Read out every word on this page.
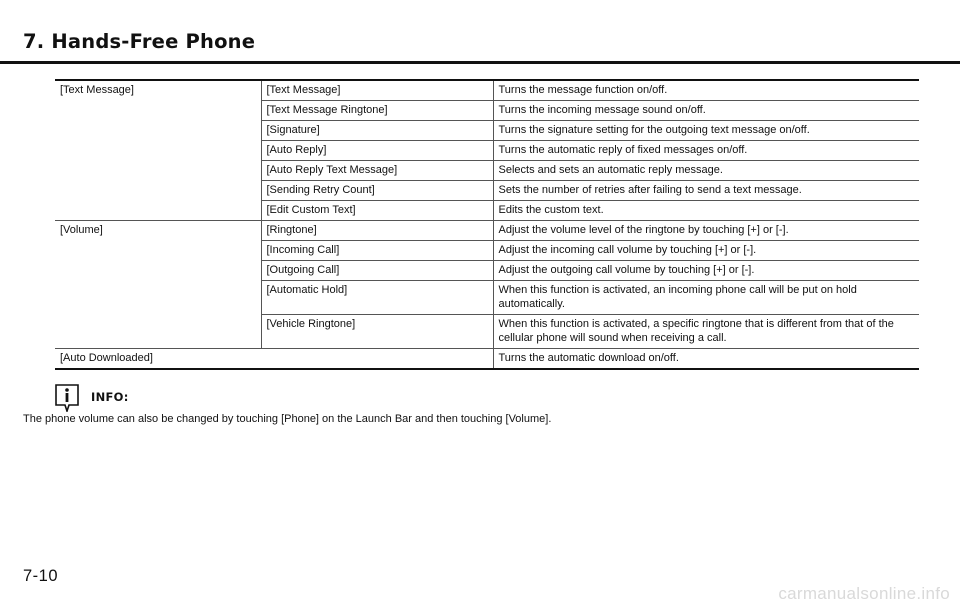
7. Hands-Free Phone
[Text Message]	[Text Message]	Turns the message function on/off.
	[Text Message Ringtone]	Turns the incoming message sound on/off.
	[Signature]	Turns the signature setting for the outgoing text message on/off.
	[Auto Reply]	Turns the automatic reply of fixed messages on/off.
	[Auto Reply Text Message]	Selects and sets an automatic reply message.
	[Sending Retry Count]	Sets the number of retries after failing to send a text message.
	[Edit Custom Text]	Edits the custom text.
[Volume]	[Ringtone]	Adjust the volume level of the ringtone by touching [+] or [-].
	[Incoming Call]	Adjust the incoming call volume by touching [+] or [-].
	[Outgoing Call]	Adjust the outgoing call volume by touching [+] or [-].
	[Automatic Hold]	When this function is activated, an incoming phone call will be put on hold automatically.
	[Vehicle Ringtone]	When this function is activated, a specific ringtone that is different from that of the cellular phone will sound when receiving a call.
[Auto Downloaded]		Turns the automatic download on/off.
INFO:
The phone volume can also be changed by touching [Phone] on the Launch Bar and then touching [Volume].
7-10
carmanualsonline.info
